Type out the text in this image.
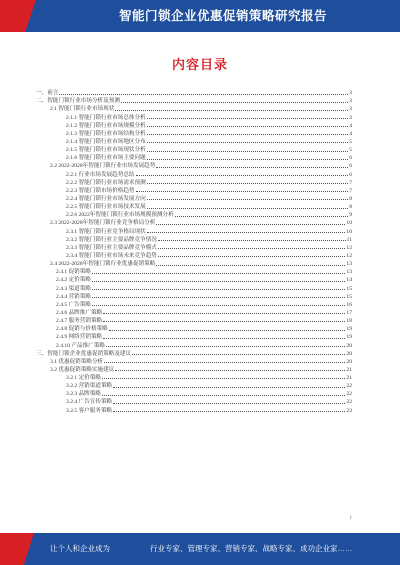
智能门锁企业优惠促销策略研究报告
内容目录
一、前言	3
二、智能门锁行业市场分析及预测	3
2.1 智能门锁行业市场现状	3
2.1.1 智能门锁行业市场总体分析	3
2.1.2 智能门锁行业市场规模分析	4
2.1.3 智能门锁行业市场结构分析	4
2.1.4 智能门锁行业市场地区分布	5
2.1.5 智能门锁行业市场现状分析	5
2.1.6 智能门锁行业市场主要问题	6
2.2 2022-2028年智能门锁行业市场发展趋势	6
2.2.1 行业市场发展趋势总结	6
2.2.2 智能门锁行业市场需求预测	7
2.2.3 智能门锁市场价格趋势	7
2.2.4 智能门锁行业市场发展方向	8
2.2.5 智能门锁行业市场技术发展	8
2.2.6 2022年智能门锁行业市场规模预测分析	9
2.3 2022-2028年智能门锁行业竞争格局分析	10
2.3.1 智能门锁行业竞争格局现状	10
2.3.2 智能门锁行业主要品牌竞争情况	11
2.3.3 智能门锁行业主要品牌竞争模式	12
2.3.4 智能门锁行业市场未来竞争趋势	12
2.4 2022-2028年智能门锁行业优惠促销策略	13
2.4.1 促销策略	13
2.4.2 定价策略	14
2.4.3 渠道策略	15
2.4.4 营销策略	15
2.4.5 广告策略	16
2.4.6 品牌推广策略	17
2.4.7 服务营销策略	18
2.4.8 促销与价格策略	19
2.4.9 网络营销策略	19
2.4.10 产品推广策略	20
三、智能门锁企业优惠促销策略及建议	20
3.1 优惠促销策略分析	20
3.2 优惠促销策略实施建议	21
3.2.1 定价策略	21
3.2.2 营销渠道策略	22
3.2.3 品牌策略	22
3.2.4 广告宣传策略	22
3.2.5 客户服务策略	23
1
让个人和企业成为	行业专家、管理专家、营销专家、战略专家、成功企业家……
